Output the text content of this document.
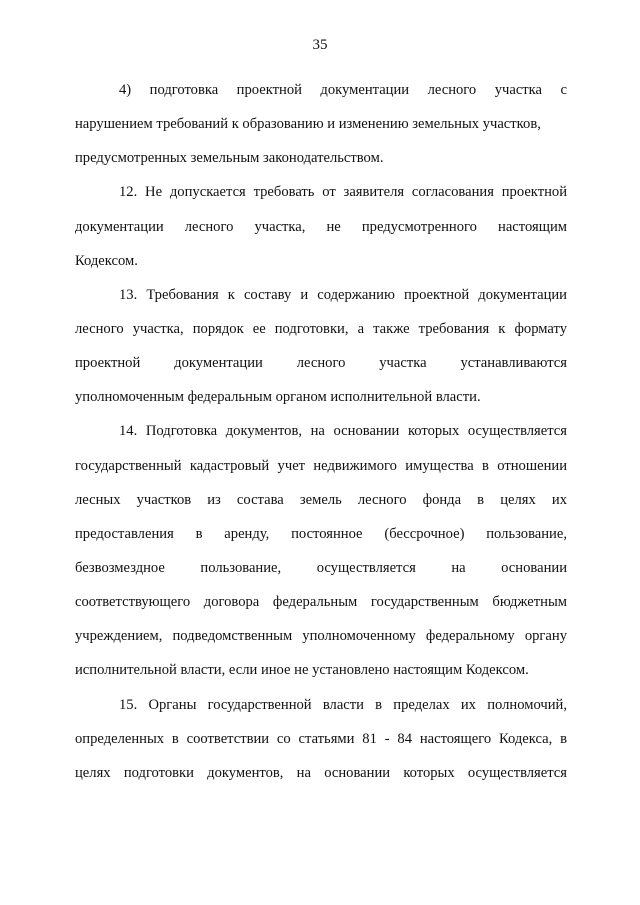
35
4) подготовка проектной документации лесного участка с
нарушением требований к образованию и изменению земельных участков,
предусмотренных земельным законодательством.
12. Не допускается требовать от заявителя согласования проектной
документации лесного участка, не предусмотренного настоящим
Кодексом.
13. Требования к составу и содержанию проектной документации
лесного участка, порядок ее подготовки, а также требования к формату
проектной документации лесного участка устанавливаются
уполномоченным федеральным органом исполнительной власти.
14. Подготовка документов, на основании которых осуществляется
государственный кадастровый учет недвижимого имущества в отношении
лесных участков из состава земель лесного фонда в целях их
предоставления в аренду, постоянное (бессрочное) пользование,
безвозмездное пользование, осуществляется на основании
соответствующего договора федеральным государственным бюджетным
учреждением, подведомственным уполномоченному федеральному органу
исполнительной власти, если иное не установлено настоящим Кодексом.
15. Органы государственной власти в пределах их полномочий,
определенных в соответствии со статьями 81 - 84 настоящего Кодекса, в
целях подготовки документов, на основании которых осуществляется
